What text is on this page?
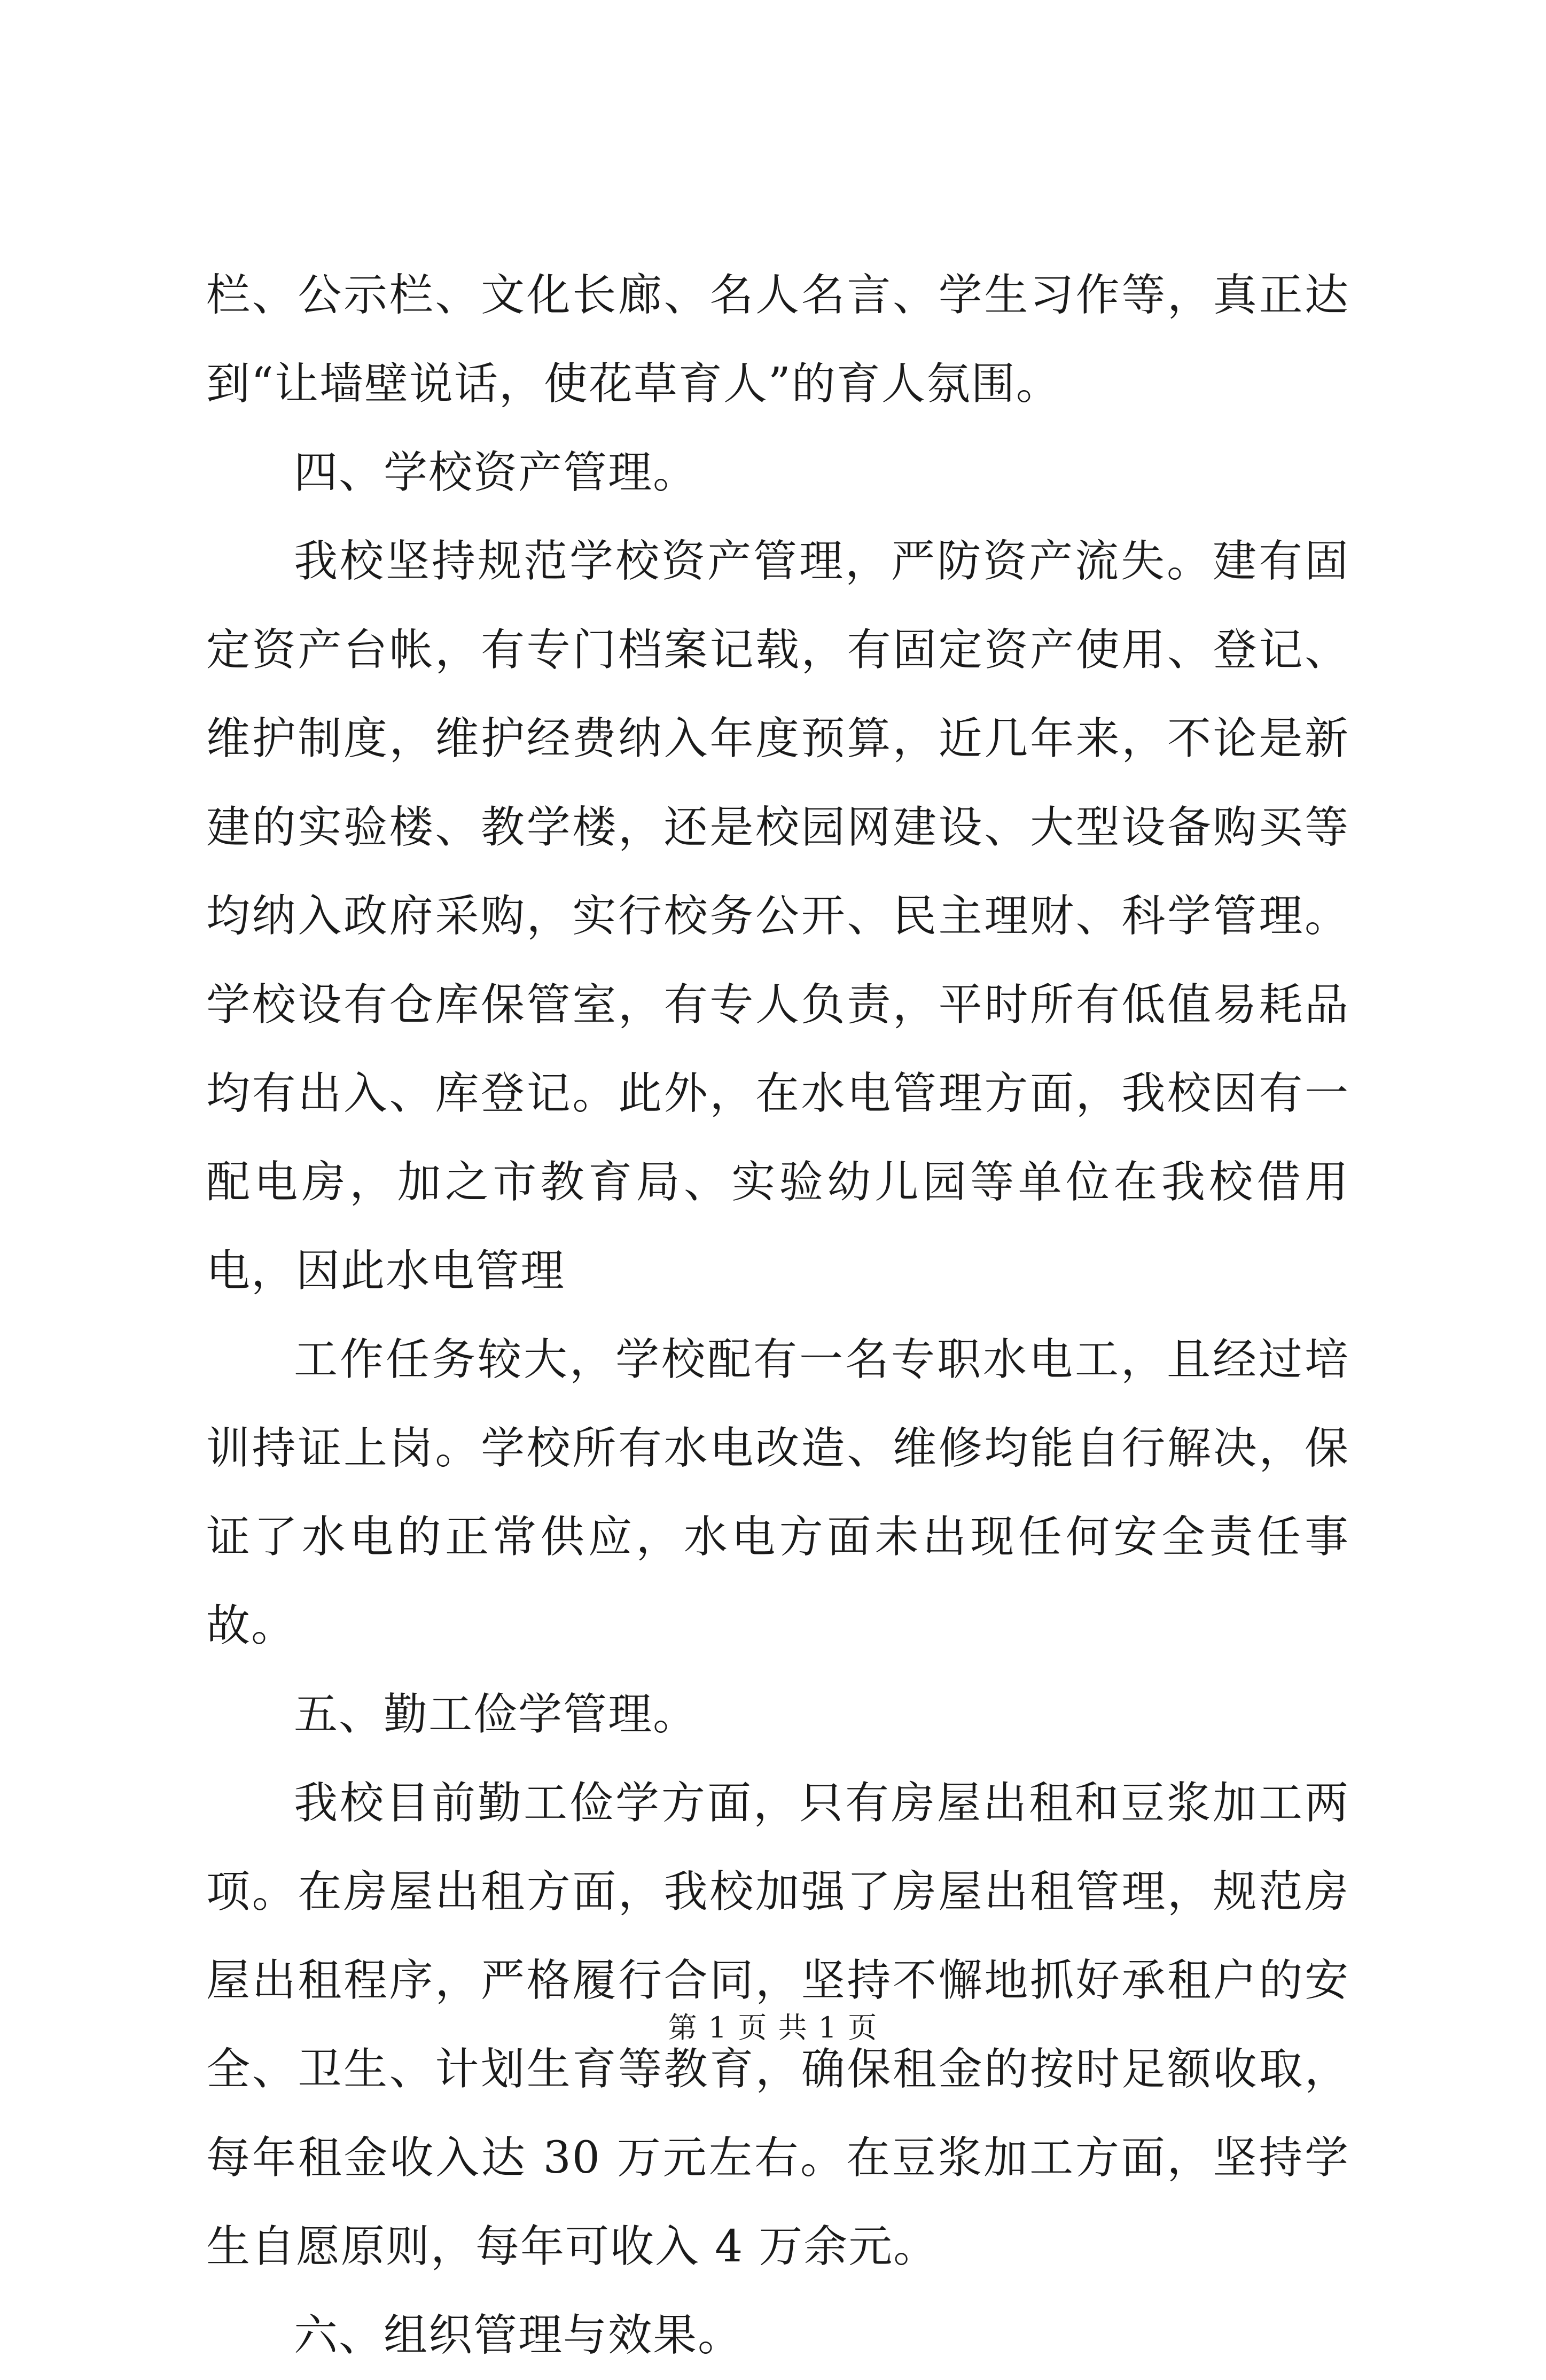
栏、公示栏、文化长廊、名人名言、学生习作等，真正达到“让墙壁说话，使花草育人”的育人氛围。

四、学校资产管理。

我校坚持规范学校资产管理，严防资产流失。建有固定资产台帐，有专门档案记载，有固定资产使用、登记、维护制度，维护经费纳入年度预算，近几年来，不论是新建的实验楼、教学楼，还是校园网建设、大型设备购买等均纳入政府采购，实行校务公开、民主理财、科学管理。学校设有仓库保管室，有专人负责，平时所有低值易耗品均有出入、库登记。此外，在水电管理方面，我校因有一配电房，加之市教育局、实验幼儿园等单位在我校借用电，因此水电管理

工作任务较大，学校配有一名专职水电工，且经过培训持证上岗。学校所有水电改造、维修均能自行解决，保证了水电的正常供应，水电方面未出现任何安全责任事故。

五、勤工俭学管理。

我校目前勤工俭学方面，只有房屋出租和豆浆加工两项。在房屋出租方面，我校加强了房屋出租管理，规范房屋出租程序，严格履行合同，坚持不懈地抓好承租户的安全、卫生、计划生育等教育，确保租金的按时足额收取，每年租金收入达 30 万元左右。在豆浆加工方面，坚持学生自愿原则，每年可收入 4 万余元。

六、组织管理与效果。

第 1 页 共 1 页
